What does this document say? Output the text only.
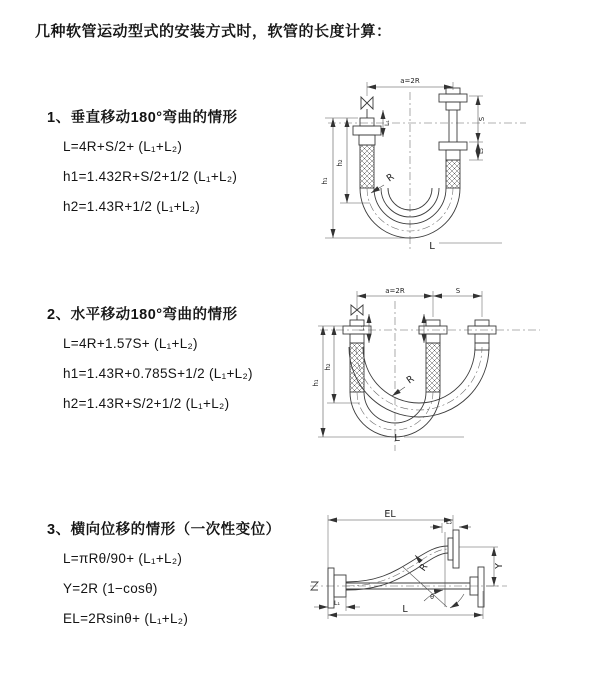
几种软管运动型式的安装方式时，软管的长度计算：
1、垂直移动180°弯曲的情形
L=4R+S/2+ (L₁+L₂)
h1=1.432R+S/2+1/2 (L₁+L₂)
h2=1.43R+1/2 (L₁+L₂)
a=2R
h₁
h₂
L₁
S
L₂
R
L
2、水平移动180°弯曲的情形
L=4R+1.57S+ (L₁+L₂)
h1=1.43R+0.785S+1/2 (L₁+L₂)
h2=1.43R+S/2+1/2 (L₁+L₂)
a=2R	S
h₁
h₂
L₁
R
L
3、横向位移的情形（一次性变位）
L=πRθ/90+ (L₁+L₂)
Y=2R (1−cosθ)
EL=2Rsinθ+ (L₁+L₂)
EL
L₂
Y
θ
R
L
L₁
